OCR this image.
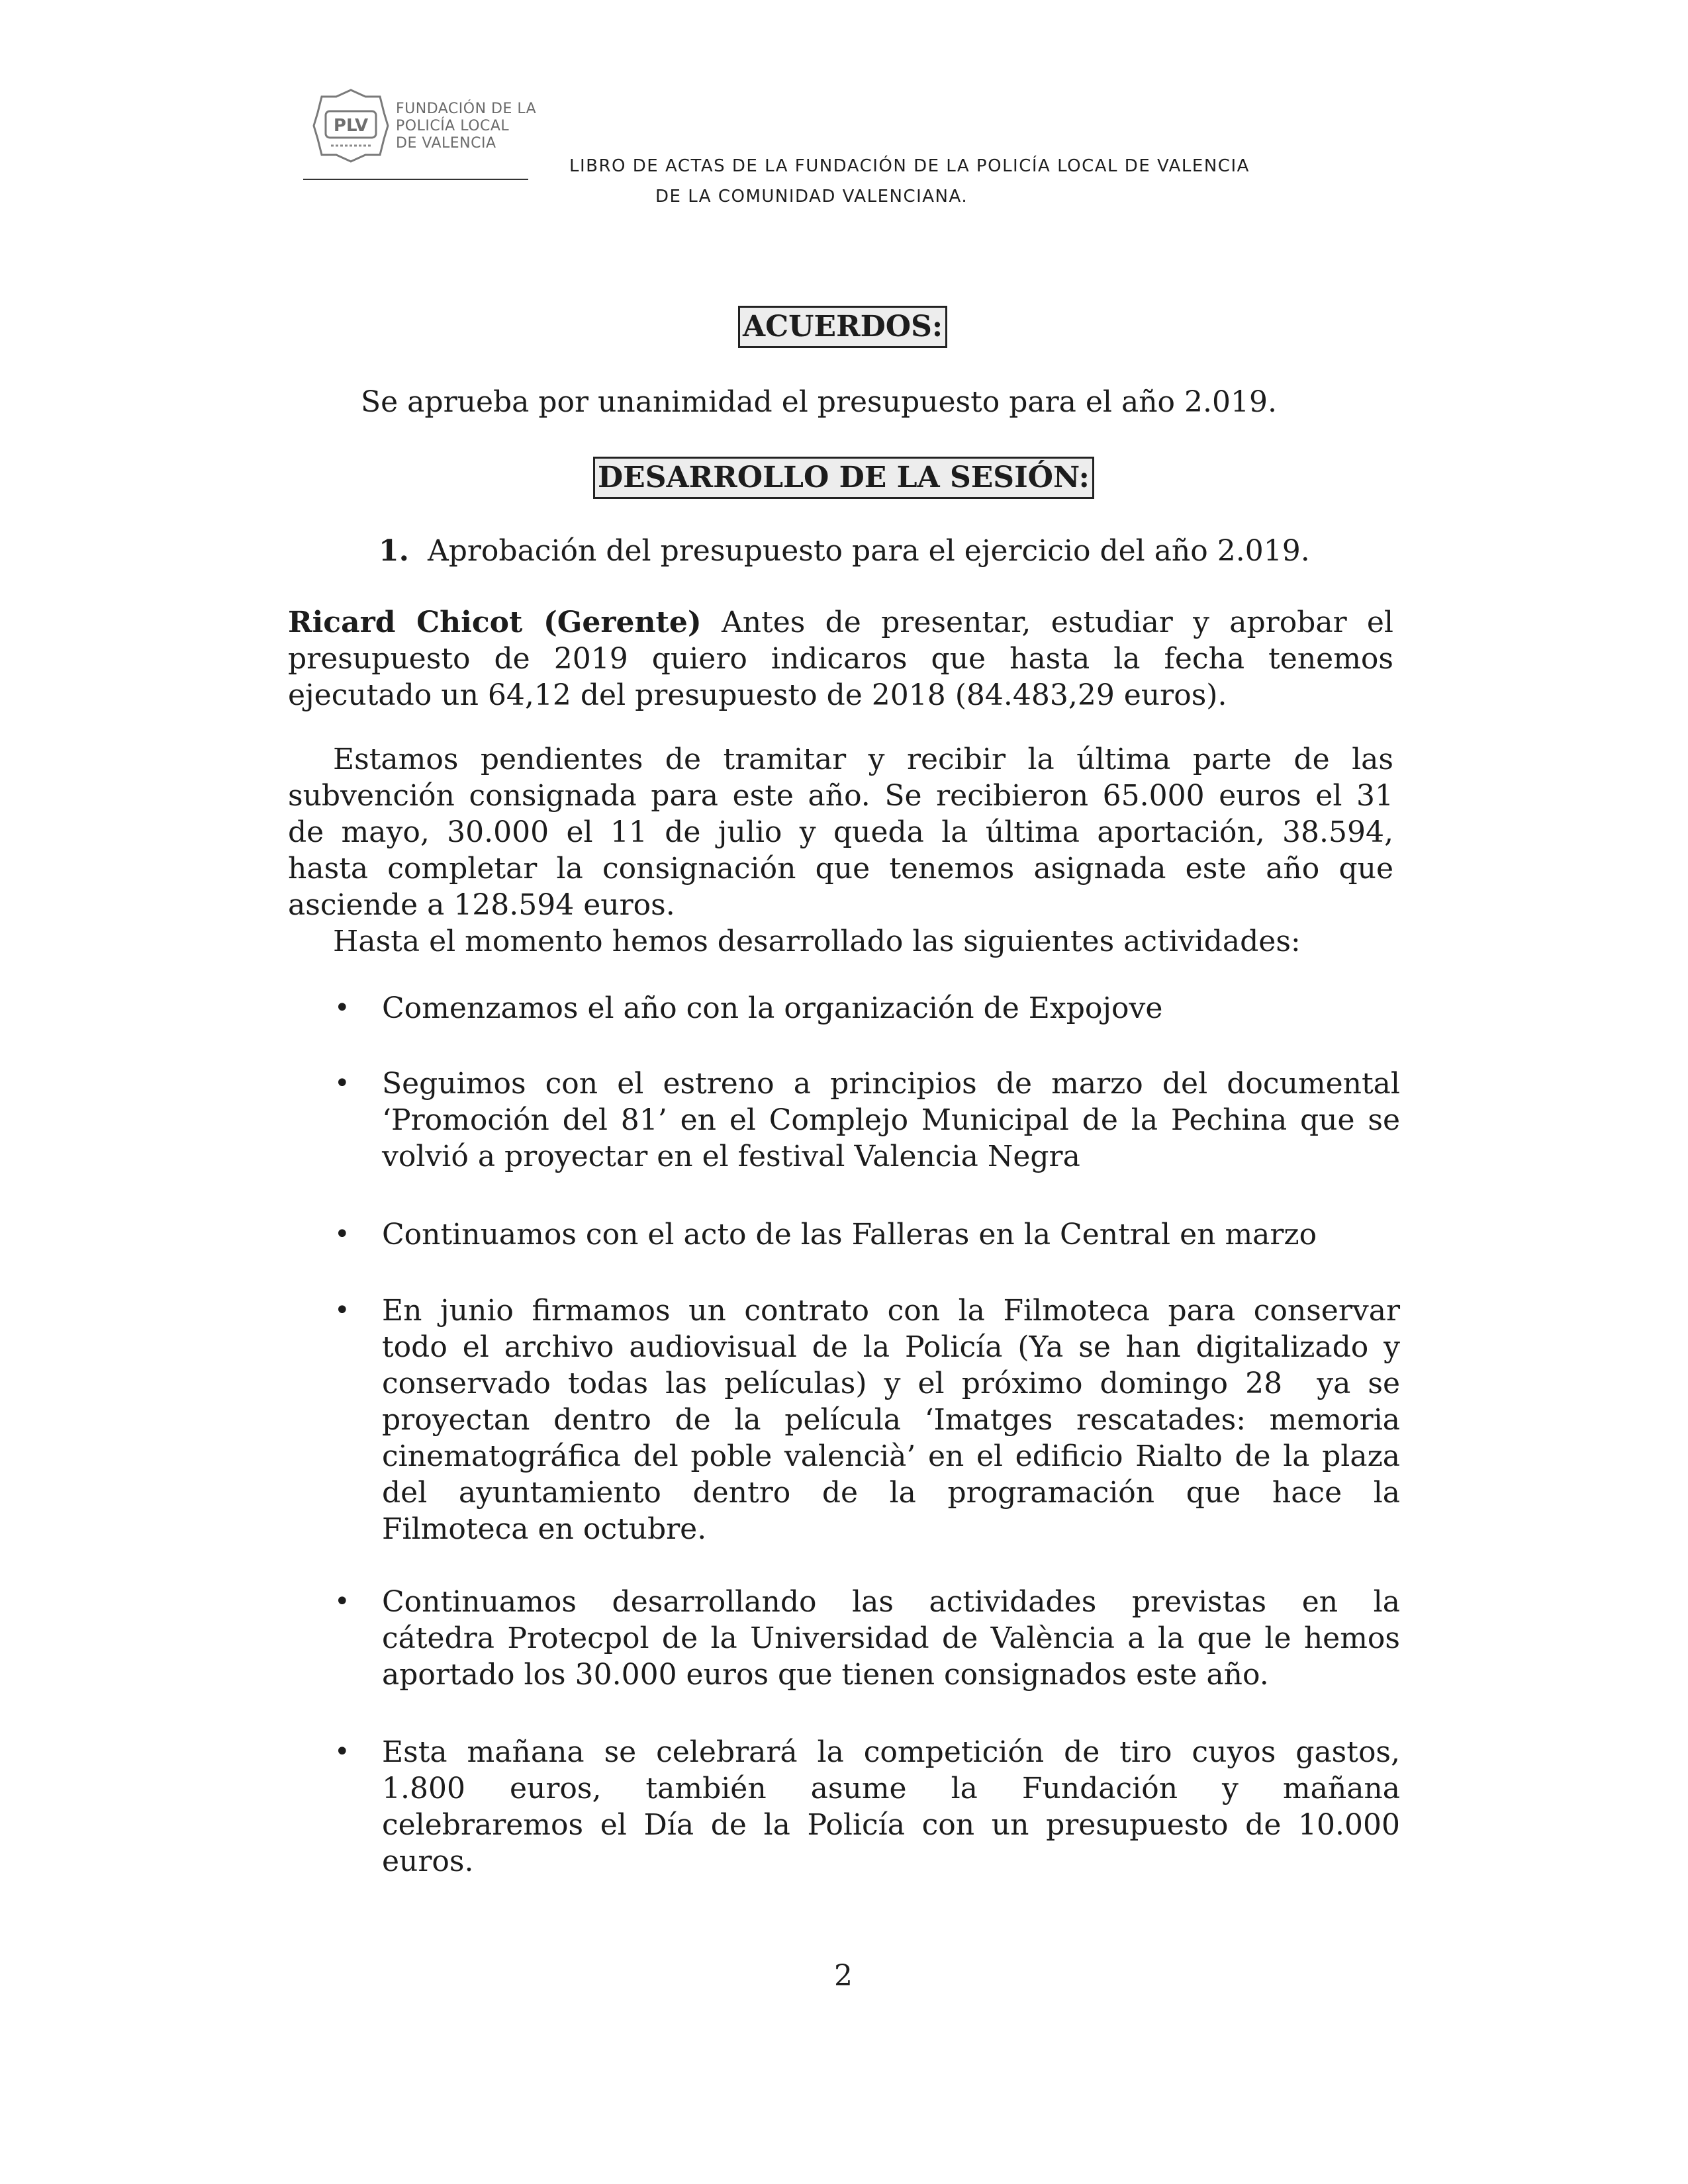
PLV
FUNDACIÓN DE LA
POLICÍA LOCAL
DE VALENCIA
LIBRO DE ACTAS DE LA FUNDACIÓN DE LA POLICÍA LOCAL DE VALENCIA
DE LA COMUNIDAD VALENCIANA.
ACUERDOS:
Se aprueba por unanimidad el presupuesto para el año 2.019.
DESARROLLO DE LA SESIÓN:
1. Aprobación del presupuesto para el ejercicio del año 2.019.
Ricard Chicot (Gerente) Antes de presentar, estudiar y aprobar el
presupuesto de 2019 quiero indicaros que hasta la fecha tenemos
ejecutado un 64,12 del presupuesto de 2018 (84.483,29 euros).
Estamos pendientes de tramitar y recibir la última parte de las
subvención consignada para este año. Se recibieron 65.000 euros el 31
de mayo, 30.000 el 11 de julio y queda la última aportación, 38.594,
hasta completar la consignación que tenemos asignada este año que
asciende a 128.594 euros.
Hasta el momento hemos desarrollado las siguientes actividades:
•	Comenzamos el año con la organización de Expojove
•	Seguimos con el estreno a principios de marzo del documental
‘Promoción del 81’ en el Complejo Municipal de la Pechina que se
volvió a proyectar en el festival Valencia Negra
•	Continuamos con el acto de las Falleras en la Central en marzo
•	En junio firmamos un contrato con la Filmoteca para conservar
todo el archivo audiovisual de la Policía (Ya se han digitalizado y
conservado todas las películas) y el próximo domingo 28  ya se
proyectan dentro de la película ‘Imatges rescatades: memoria
cinematográfica del poble valencià’ en el edificio Rialto de la plaza
del ayuntamiento dentro de la programación que hace la
Filmoteca en octubre.
•	Continuamos desarrollando las actividades previstas en la
cátedra Protecpol de la Universidad de València a la que le hemos
aportado los 30.000 euros que tienen consignados este año.
•	Esta mañana se celebrará la competición de tiro cuyos gastos,
1.800 euros, también asume la Fundación y mañana
celebraremos el Día de la Policía con un presupuesto de 10.000
euros.
2
